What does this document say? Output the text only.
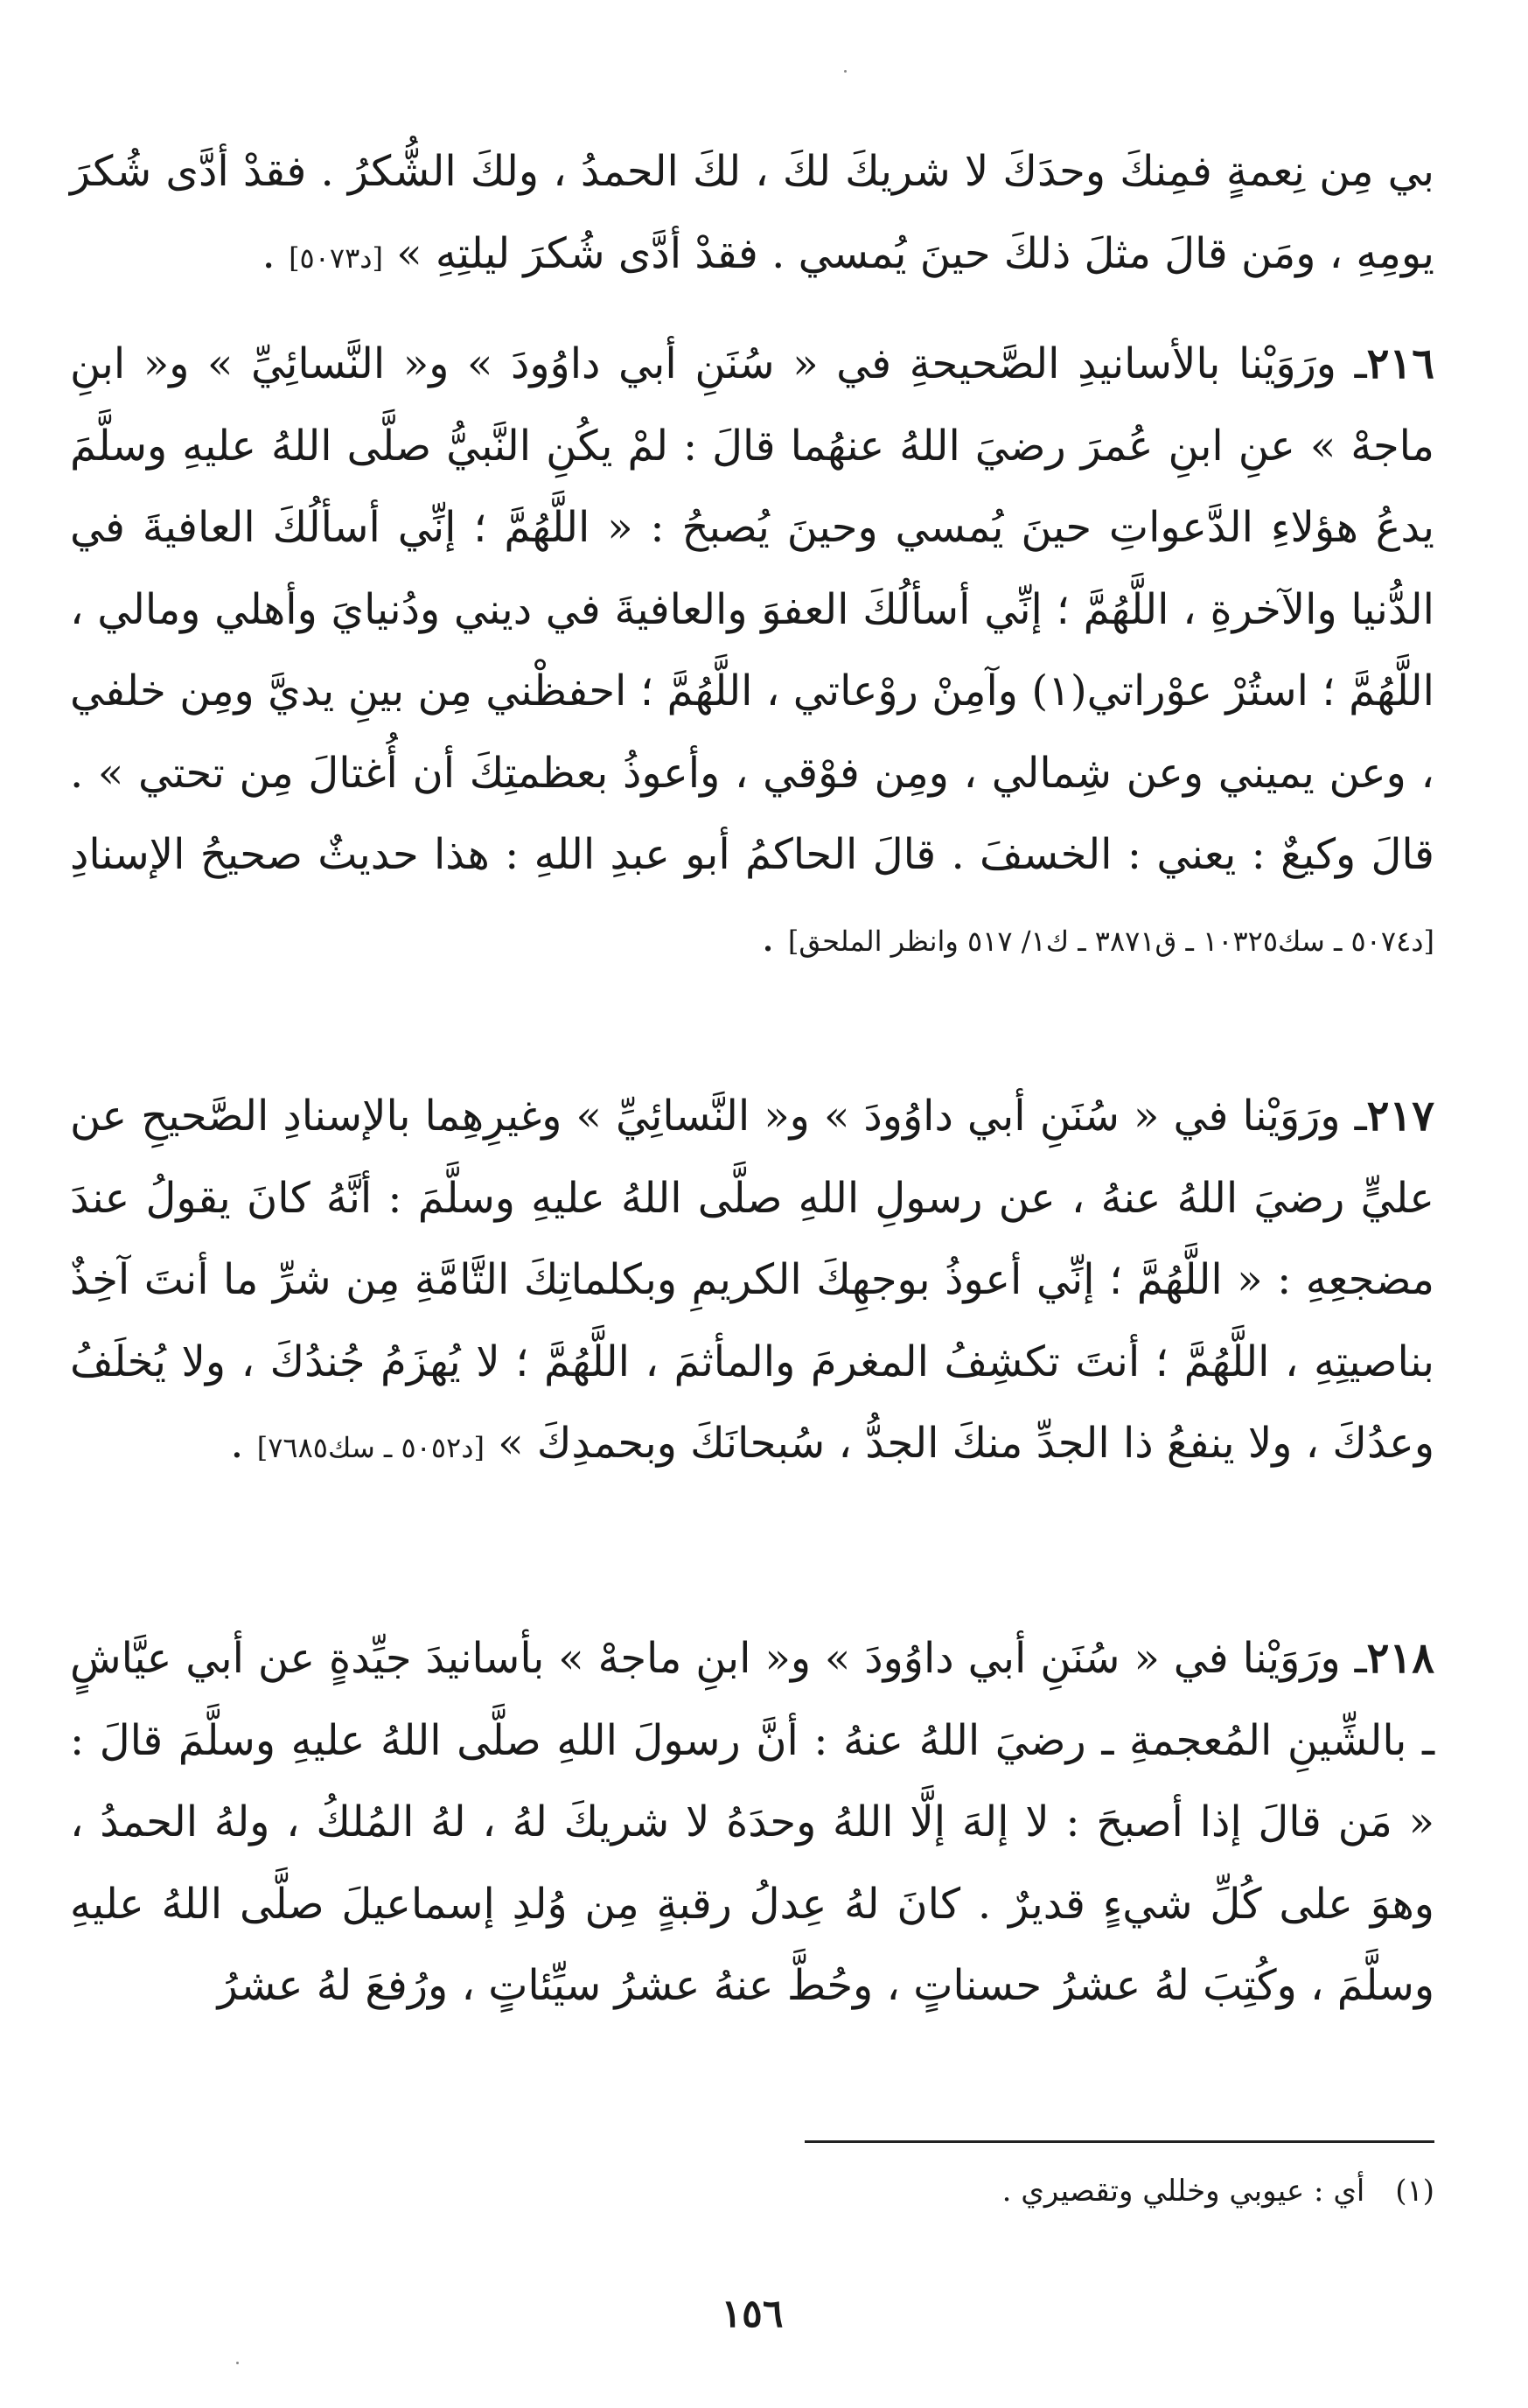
بي مِن نِعمةٍ فمِنكَ وحدَكَ لا شريكَ لكَ ، لكَ الحمدُ ، ولكَ الشُّكرُ . فقدْ أدَّى شُكرَ يومِهِ ، ومَن قالَ مثلَ ذلكَ حينَ يُمسي . فقدْ أدَّى شُكرَ ليلتِهِ » [د٥٠٧٣] .

٢١٦ـ ورَوَيْنا بالأسانيدِ الصَّحيحةِ في « سُنَنِ أبي داوُودَ » و« النَّسائِيِّ » و« ابنِ ماجهْ » عنِ ابنِ عُمرَ رضيَ اللهُ عنهُما قالَ : لمْ يكُنِ النَّبيُّ صلَّى اللهُ عليهِ وسلَّمَ يدعُ هؤلاءِ الدَّعواتِ حينَ يُمسي وحينَ يُصبحُ : « اللَّهُمَّ ؛ إنِّي أسألُكَ العافيةَ في الدُّنيا والآخرةِ ، اللَّهُمَّ ؛ إنِّي أسألُكَ العفوَ والعافيةَ في ديني ودُنيايَ وأهلي ومالي ، اللَّهُمَّ ؛ استُرْ عوْراتي(١) وآمِنْ روْعاتي ، اللَّهُمَّ ؛ احفظْني مِن بينِ يديَّ ومِن خلفي ، وعن يميني وعن شِمالي ، ومِن فوْقي ، وأعوذُ بعظمتِكَ أن أُغتالَ مِن تحتي » . قالَ وكيعٌ : يعني : الخسفَ . قالَ الحاكمُ أبو عبدِ اللهِ : هذا حديثٌ صحيحُ الإسنادِ [د٥٠٧٤ ـ سك١٠٣٢٥ ـ ق٣٨٧١ ـ ك١/ ٥١٧ وانظر الملحق] .

٢١٧ـ ورَوَيْنا في « سُنَنِ أبي داوُودَ » و« النَّسائِيِّ » وغيرِهِما بالإسنادِ الصَّحيحِ عن عليٍّ رضيَ اللهُ عنهُ ، عن رسولِ اللهِ صلَّى اللهُ عليهِ وسلَّمَ : أنَّهُ كانَ يقولُ عندَ مضجعِهِ : « اللَّهُمَّ ؛ إنِّي أعوذُ بوجهِكَ الكريمِ وبكلماتِكَ التَّامَّةِ مِن شرِّ ما أنتَ آخِذٌ بناصيتِهِ ، اللَّهُمَّ ؛ أنتَ تكشِفُ المغرمَ والمأثمَ ، اللَّهُمَّ ؛ لا يُهزَمُ جُندُكَ ، ولا يُخلَفُ وعدُكَ ، ولا ينفعُ ذا الجدِّ منكَ الجدُّ ، سُبحانَكَ وبحمدِكَ » [د٥٠٥٢ ـ سك٧٦٨٥] .

٢١٨ـ ورَوَيْنا في « سُنَنِ أبي داوُودَ » و« ابنِ ماجهْ » بأسانيدَ جيِّدةٍ عن أبي عيَّاشٍ ـ بالشِّينِ المُعجمةِ ـ رضيَ اللهُ عنهُ : أنَّ رسولَ اللهِ صلَّى اللهُ عليهِ وسلَّمَ قالَ : « مَن قالَ إذا أصبحَ : لا إلهَ إلَّا اللهُ وحدَهُ لا شريكَ لهُ ، لهُ المُلكُ ، ولهُ الحمدُ ، وهوَ على كُلِّ شيءٍ قديرٌ . كانَ لهُ عِدلُ رقبةٍ مِن وُلدِ إسماعيلَ صلَّى اللهُ عليهِ وسلَّمَ ، وكُتِبَ لهُ عشرُ حسناتٍ ، وحُطَّ عنهُ عشرُ سيِّئاتٍ ، ورُفعَ لهُ عشرُ

(١) أي : عيوبي وخللي وتقصيري .
١٥٦
